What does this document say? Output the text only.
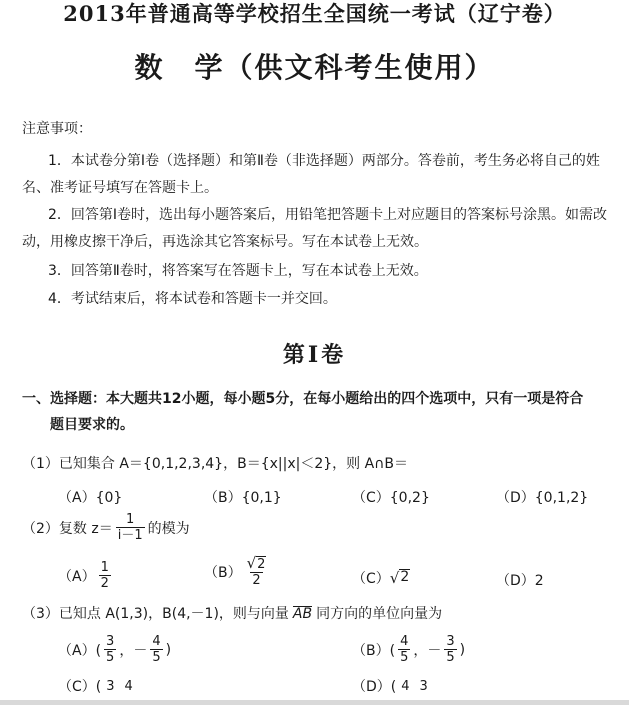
2013年普通高等学校招生全国统一考试（辽宁卷）
数　学（供文科考生使用）
注意事项：
1．本试卷分第Ⅰ卷（选择题）和第Ⅱ卷（非选择题）两部分。答卷前，考生务必将自己的姓名、准考证号填写在答题卡上。
2．回答第Ⅰ卷时，选出每小题答案后，用铅笔把答题卡上对应题目的答案标号涂黑。如需改动，用橡皮擦干净后，再选涂其它答案标号。写在本试卷上无效。
3．回答第Ⅱ卷时，将答案写在答题卡上，写在本试卷上无效。
4．考试结束后，将本试卷和答题卡一并交回。
第Ⅰ卷
一、选择题：本大题共12小题，每小题5分，在每小题给出的四个选项中，只有一项是符合
题目要求的。
（1）已知集合 A＝{0,1,2,3,4}，B＝{x||x|＜2}，则 A∩B＝
（A）{0}	（B）{0,1}	（C）{0,2}	（D）{0,1,2}
（2）复数 $z= \frac{1}{i-1}$ 的模为
$(A) \frac{1}{2}$	$(B) \frac{√ 2}{2}$	（C） √ 2	（D）2
（3）已知点 A(1,3)，B(4,－1)，则与向量 AB 同方向的单位向量为
$(A)( \frac{3}{5}$ ，－ $\frac{4}{5}$ )	$(B)( \frac{4}{5}$ ，－ $\frac{3}{5}$ )
（C）( 3 4	（D）( 4 3
